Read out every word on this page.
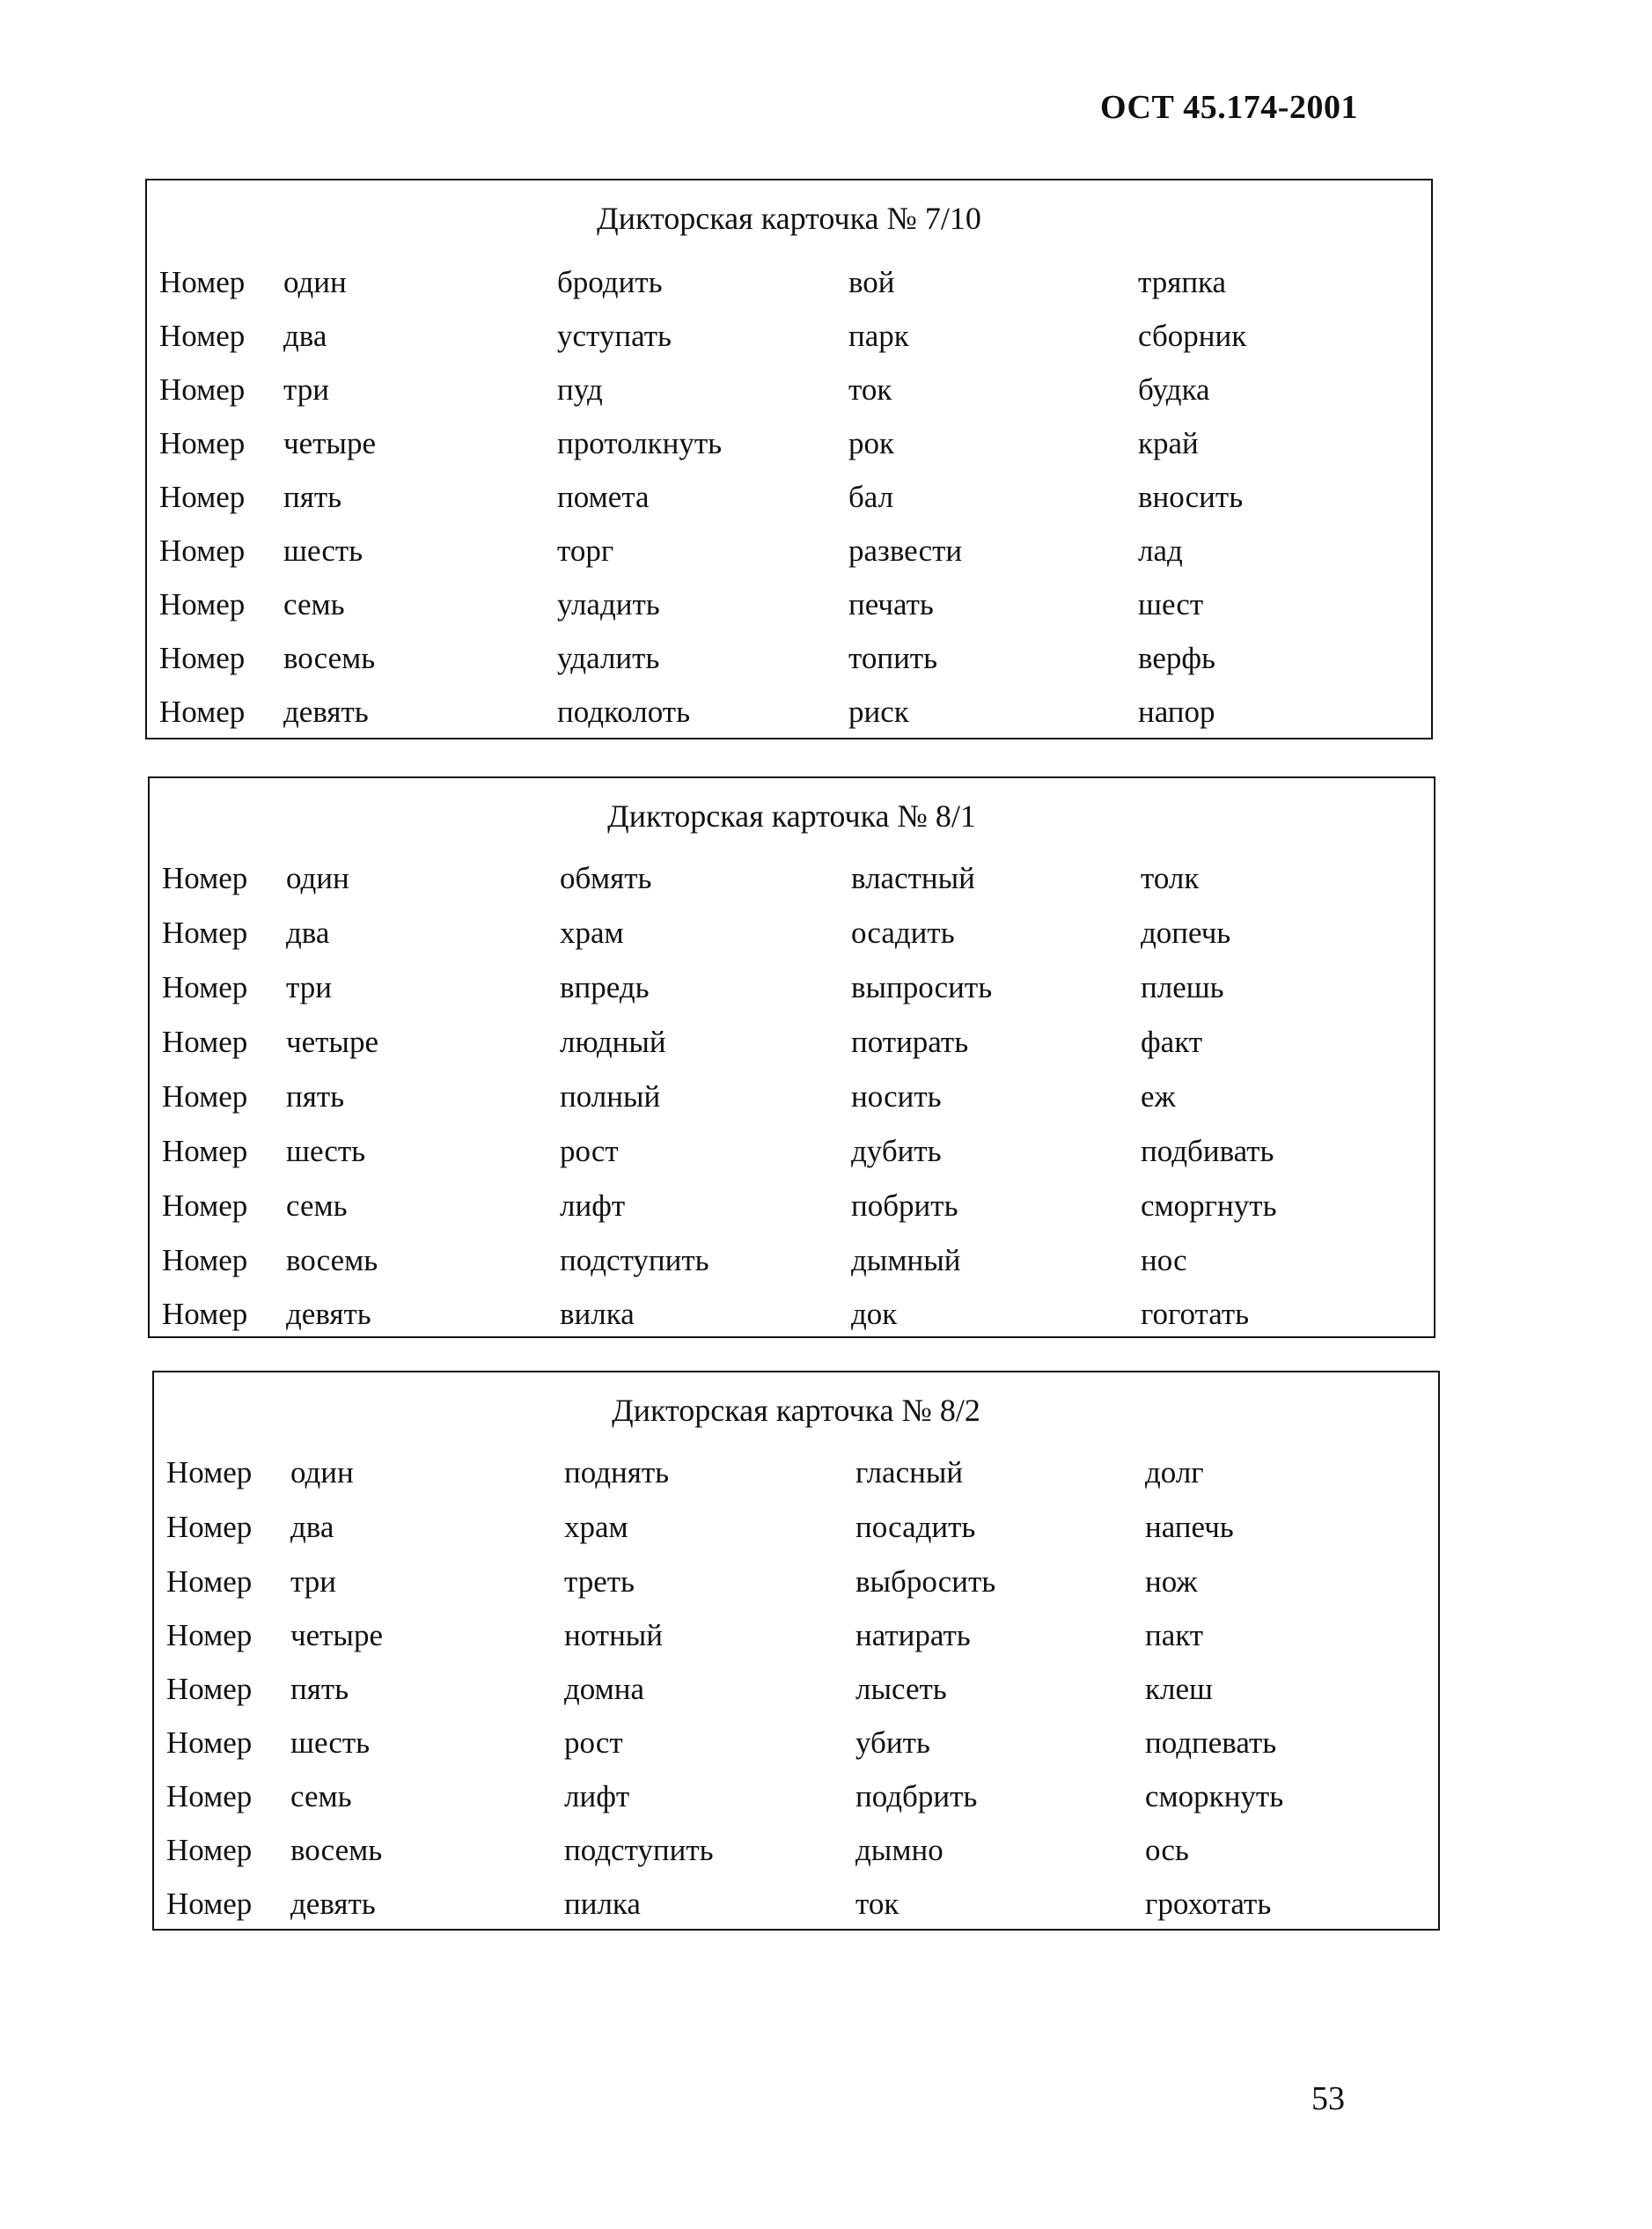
ОСТ 45.174-2001
Дикторская карточка № 7/10
Номер один	бродить	вой	тряпка
Номер два	уступать	парк	сборник
Номер три	пуд	ток	будка
Номер четыре	протолкнуть	рок	край
Номер пять	помета	бал	вносить
Номер шесть	торг	развести	лад
Номер семь	уладить	печать	шест
Номер восемь	удалить	топить	верфь
Номер девять	подколоть	риск	напор
Дикторская карточка № 8/1
Номер один	обмять	властный	толк
Номер два	храм	осадить	допечь
Номер три	впредь	выпросить	плешь
Номер четыре	людный	потирать	факт
Номер пять	полный	носить	еж
Номер шесть	рост	дубить	подбивать
Номер семь	лифт	побрить	сморгнуть
Номер восемь	подступить	дымный	нос
Номер девять	вилка	док	гоготать
Дикторская карточка № 8/2
Номер один	поднять	гласный	долг
Номер два	храм	посадить	напечь
Номер три	треть	выбросить	нож
Номер четыре	нотный	натирать	пакт
Номер пять	домна	лысеть	клеш
Номер шесть	рост	убить	подпевать
Номер семь	лифт	подбрить	сморкнуть
Номер восемь	подступить	дымно	ось
Номер девять	пилка	ток	грохотать
53
